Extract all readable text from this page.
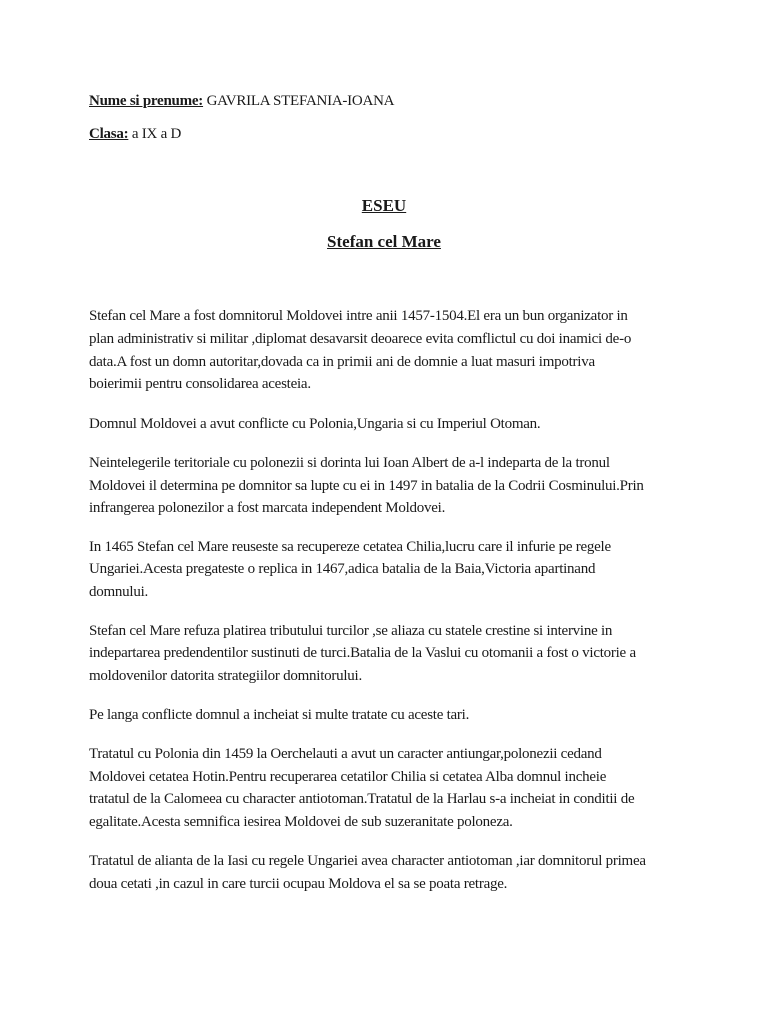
Nume si prenume: GAVRILA STEFANIA-IOANA
Clasa: a IX a D
ESEU
Stefan cel Mare
Stefan cel Mare a fost domnitorul Moldovei intre anii 1457-1504.El era un bun organizator in
plan administrativ si militar ,diplomat desavarsit deoarece evita comflictul cu doi inamici de-o
data.A fost un domn autoritar,dovada ca in primii ani de domnie a luat masuri impotriva
boierimii pentru consolidarea acesteia.
Domnul Moldovei a avut conflicte cu Polonia,Ungaria si cu Imperiul Otoman.
Neintelegerile teritoriale cu polonezii si dorinta lui Ioan Albert de a-l indeparta de la tronul
Moldovei il determina pe domnitor sa lupte cu ei in 1497 in batalia de la Codrii Cosminului.Prin
infrangerea polonezilor a fost marcata independent Moldovei.
In 1465 Stefan cel Mare reuseste sa recupereze cetatea Chilia,lucru care il infurie pe regele
Ungariei.Acesta pregateste o replica in 1467,adica batalia de la Baia,Victoria apartinand
domnului.
Stefan cel Mare refuza platirea tributului turcilor ,se aliaza cu statele crestine si intervine in
indepartarea predendentilor sustinuti de turci.Batalia de la Vaslui cu otomanii a fost o victorie a
moldovenilor datorita strategiilor domnitorului.
Pe langa conflicte domnul a incheiat si multe tratate cu aceste tari.
Tratatul cu Polonia din 1459 la Oerchelauti a avut un caracter antiungar,polonezii cedand
Moldovei cetatea Hotin.Pentru recuperarea cetatilor Chilia si cetatea Alba domnul incheie
tratatul de la Calomeea cu character antiotoman.Tratatul de la Harlau s-a incheiat in conditii de
egalitate.Acesta semnifica iesirea Moldovei de sub suzeranitate poloneza.
Tratatul de alianta de la Iasi cu regele Ungariei avea character antiotoman ,iar domnitorul primea
doua cetati ,in cazul in care turcii ocupau Moldova el sa se poata retrage.
